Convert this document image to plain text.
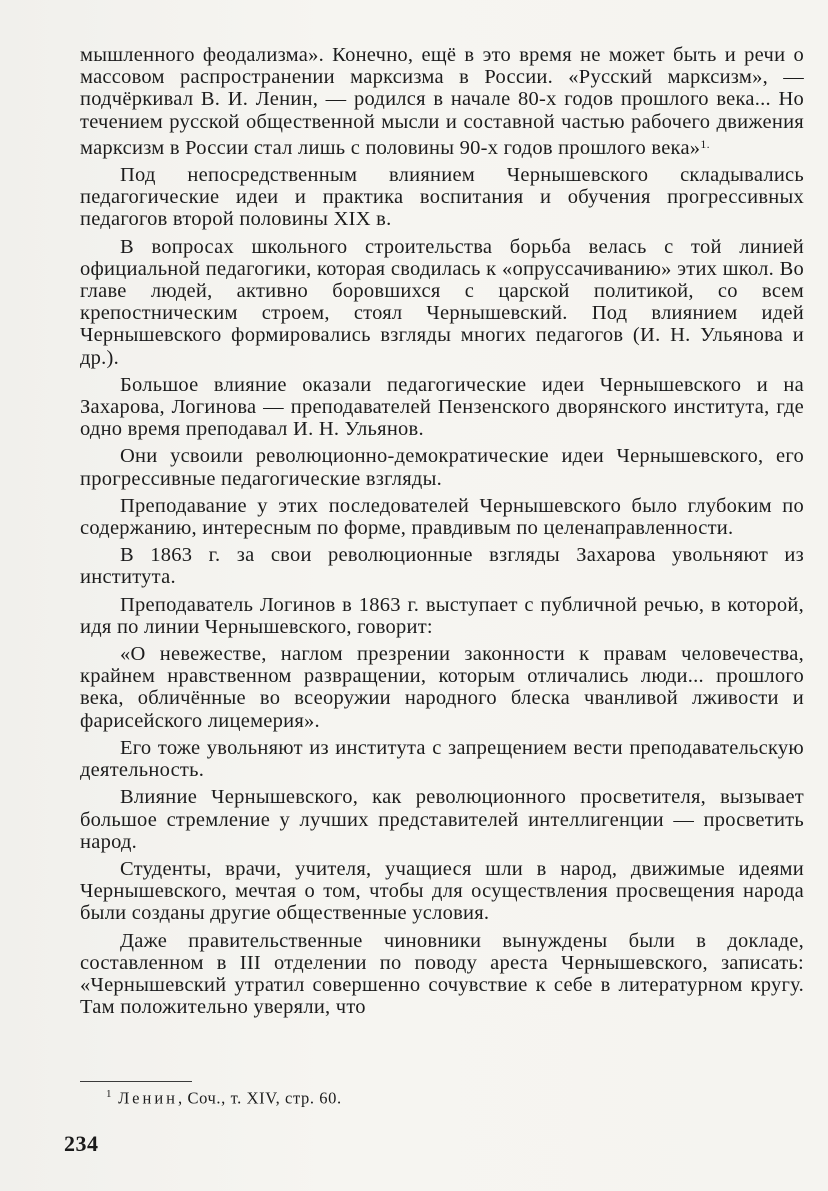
мышленного феодализма». Конечно, ещё в это время не может быть и речи о массовом распространении марксизма в России. «Русский марксизм», — подчёркивал В. И. Ленин, — родился в начале 80-х годов прошлого века... Но течением русской общественной мысли и составной частью рабочего движения марксизм в России стал лишь с половины 90-х годов прошлого века»$^{1.}$

Под непосредственным влиянием Чернышевского складывались педагогические идеи и практика воспитания и обучения прогрессивных педагогов второй половины XIX в.

В вопросах школьного строительства борьба велась с той линией официальной педагогики, которая сводилась к «опруссачиванию» этих школ. Во главе людей, активно боровшихся с царской политикой, со всем крепостническим строем, стоял Чернышевский. Под влиянием идей Чернышевского формировались взгляды многих педагогов (И. Н. Ульянова и др.).

Большое влияние оказали педагогические идеи Чернышевского и на Захарова, Логинова — преподавателей Пензенского дворянского института, где одно время преподавал И. Н. Ульянов.

Они усвоили революционно-демократические идеи Чернышевского, его прогрессивные педагогические взгляды.

Преподавание у этих последователей Чернышевского было глубоким по содержанию, интересным по форме, правдивым по целенаправленности.

В 1863 г. за свои революционные взгляды Захарова увольняют из института.

Преподаватель Логинов в 1863 г. выступает с публичной речью, в которой, идя по линии Чернышевского, говорит:

«О невежестве, наглом презрении законности к правам человечества, крайнем нравственном развращении, которым отличались люди... прошлого века, обличённые во всеоружии народного блеска чванливой лживости и фарисейского лицемерия».

Его тоже увольняют из института с запрещением вести преподавательскую деятельность.

Влияние Чернышевского, как революционного просветителя, вызывает большое стремление у лучших представителей интеллигенции — просветить народ.

Студенты, врачи, учителя, учащиеся шли в народ, движимые идеями Чернышевского, мечтая о том, чтобы для осуществления просвещения народа были созданы другие общественные условия.

Даже правительственные чиновники вынуждены были в докладе, составленном в III отделении по поводу ареста Чернышевского, записать: «Чернышевский утратил совершенно сочувствие к себе в литературном кругу. Там положительно уверяли, что

$^1$ Ленин, Соч., т. XIV, стр. 60.
234
